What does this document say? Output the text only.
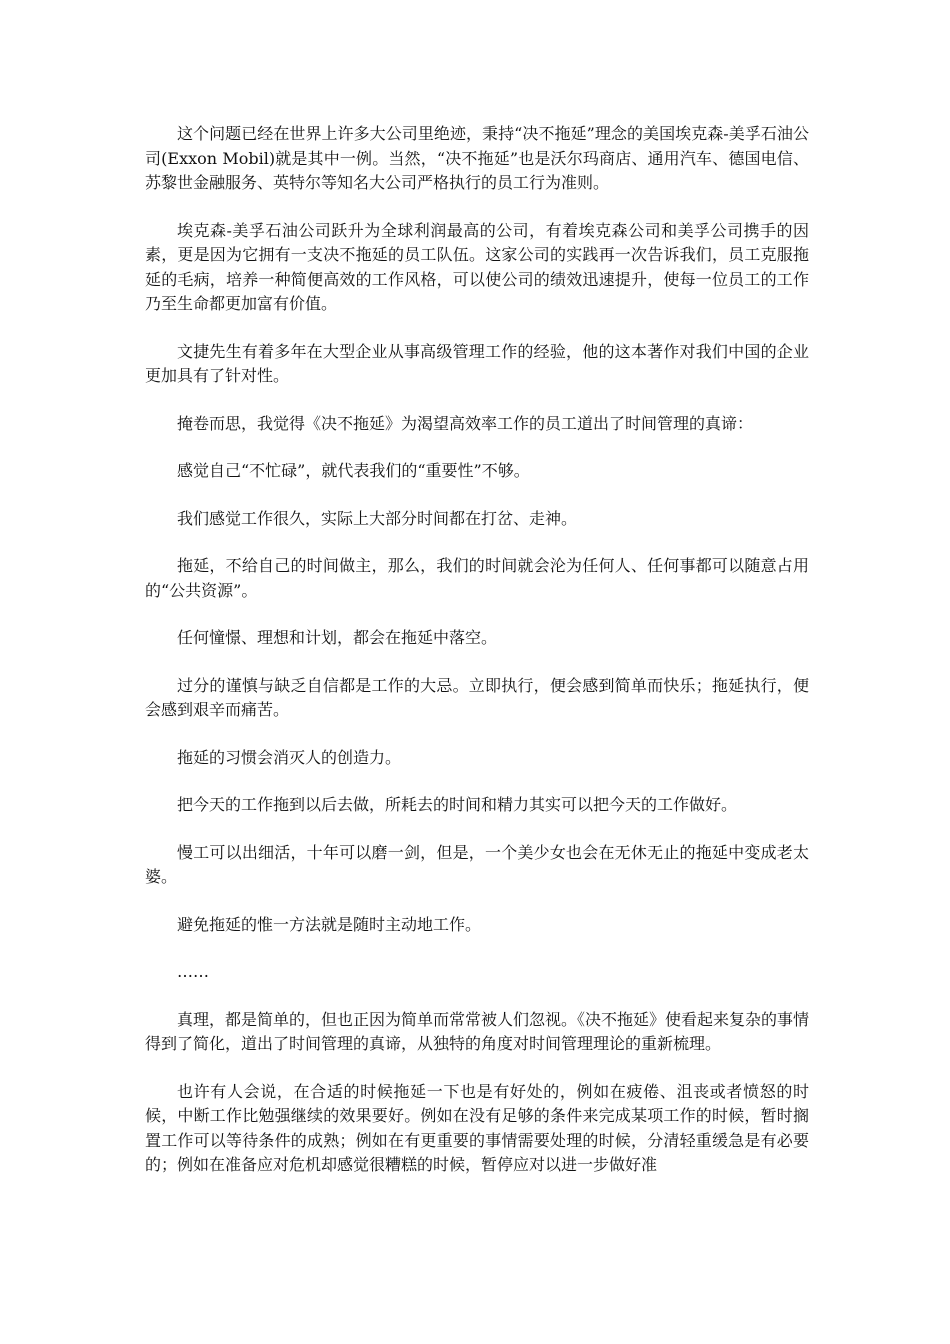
这个问题已经在世界上许多大公司里绝迹，秉持“决不拖延”理念的美国埃克森-美孚石油公司(Exxon Mobil)就是其中一例。当然，“决不拖延”也是沃尔玛商店、通用汽车、德国电信、苏黎世金融服务、英特尔等知名大公司严格执行的员工行为准则。

埃克森-美孚石油公司跃升为全球利润最高的公司，有着埃克森公司和美孚公司携手的因素，更是因为它拥有一支决不拖延的员工队伍。这家公司的实践再一次告诉我们，员工克服拖延的毛病，培养一种简便高效的工作风格，可以使公司的绩效迅速提升，使每一位员工的工作乃至生命都更加富有价值。

文捷先生有着多年在大型企业从事高级管理工作的经验，他的这本著作对我们中国的企业更加具有了针对性。

掩卷而思，我觉得《决不拖延》为渴望高效率工作的员工道出了时间管理的真谛：

感觉自己“不忙碌”，就代表我们的“重要性”不够。

我们感觉工作很久，实际上大部分时间都在打岔、走神。

拖延，不给自己的时间做主，那么，我们的时间就会沦为任何人、任何事都可以随意占用的“公共资源”。

任何憧憬、理想和计划，都会在拖延中落空。

过分的谨慎与缺乏自信都是工作的大忌。立即执行，便会感到简单而快乐；拖延执行，便会感到艰辛而痛苦。

拖延的习惯会消灭人的创造力。

把今天的工作拖到以后去做，所耗去的时间和精力其实可以把今天的工作做好。

慢工可以出细活，十年可以磨一剑，但是，一个美少女也会在无休无止的拖延中变成老太婆。

避免拖延的惟一方法就是随时主动地工作。

……

真理，都是简单的，但也正因为简单而常常被人们忽视。《决不拖延》使看起来复杂的事情得到了简化，道出了时间管理的真谛，从独特的角度对时间管理理论的重新梳理。

也许有人会说，在合适的时候拖延一下也是有好处的，例如在疲倦、沮丧或者愤怒的时候，中断工作比勉强继续的效果要好。例如在没有足够的条件来完成某项工作的时候，暂时搁置工作可以等待条件的成熟；例如在有更重要的事情需要处理的时候，分清轻重缓急是有必要的；例如在准备应对危机却感觉很糟糕的时候，暂停应对以进一步做好准
